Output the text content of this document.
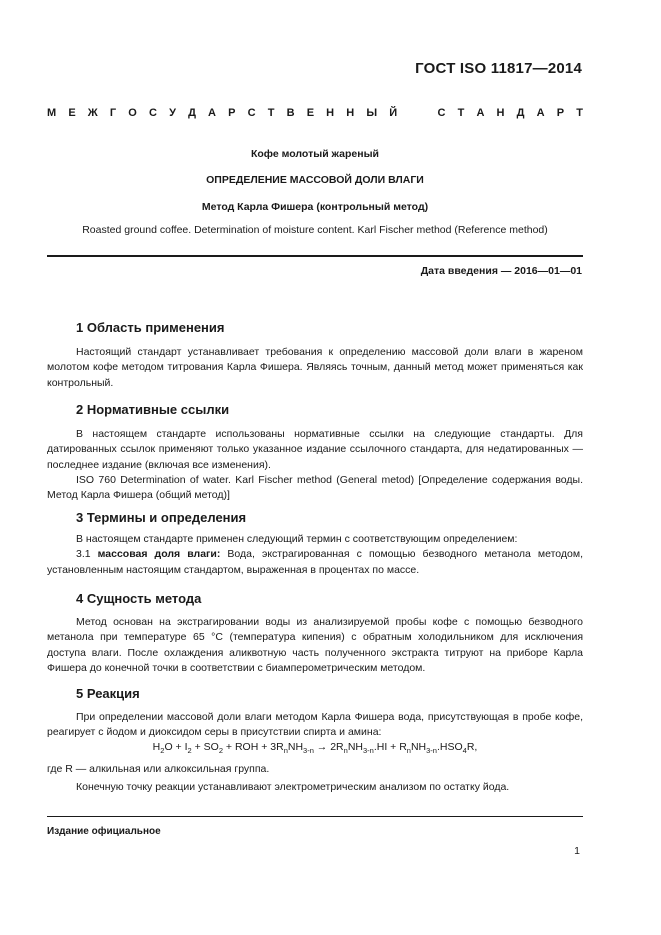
ГОСТ ISO 11817—2014
М Е Ж Г О С У Д А Р С Т В Е Н Н Ы Й	С Т А Н Д А Р Т
Кофе молотый жареный
ОПРЕДЕЛЕНИЕ МАССОВОЙ ДОЛИ ВЛАГИ
Метод Карла Фишера (контрольный метод)
Roasted ground coffee. Determination of moisture content. Karl Fischer method (Reference method)
Дата введения — 2016—01—01
1 Область применения

Настоящий стандарт устанавливает требования к определению массовой доли влаги в жареном молотом кофе методом титрования Карла Фишера. Являясь точным, данный метод может применяться как контрольный.

2 Нормативные ссылки

В настоящем стандарте использованы нормативные ссылки на следующие стандарты. Для датированных ссылок применяют только указанное издание ссылочного стандарта, для недатированных — последнее издание (включая все изменения).

ISO 760 Determination of water. Karl Fischer method (General metod) [Определение содержания воды. Метод Карла Фишера (общий метод)]

3 Термины и определения

В настоящем стандарте применен следующий термин с соответствующим определением:

3.1 массовая доля влаги: Вода, экстрагированная с помощью безводного метанола методом, установленным настоящим стандартом, выраженная в процентах по массе.

4 Сущность метода

Метод основан на экстрагировании воды из анализируемой пробы кофе с помощью безводного метанола при температуре 65 °С (температура кипения) с обратным холодильником для исключения доступа влаги. После охлаждения аликвотную часть полученного экстракта титруют на приборе Карла Фишера до конечной точки в соответствии с биамперометрическим методом.

5 Реакция

При определении массовой доли влаги методом Карла Фишера вода, присутствующая в пробе кофе, реагирует с йодом и диоксидом серы в присутствии спирта и амина:

$H_2O + I_2 + SO_2$ + ROH + $3R_nNH_{3-n} \to 2R_nNH_{3-n}.HI + R_nNH_{3-n}.HSO_4R$,

где R — алкильная или алкоксильная группа.

Конечную точку реакции устанавливают электрометрическим анализом по остатку йода.

Издание официальное
1
